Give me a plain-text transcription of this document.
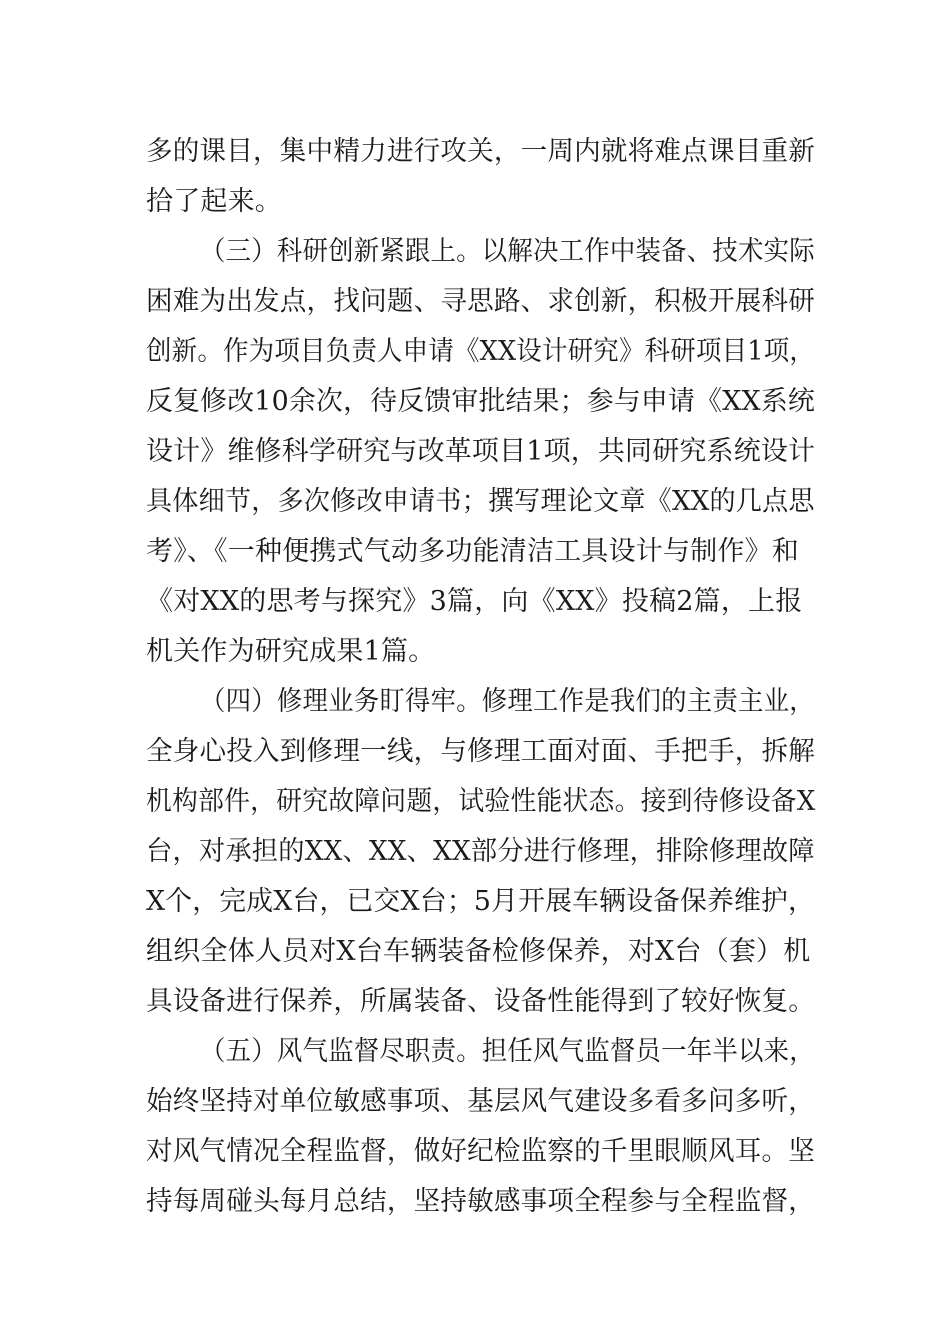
多的课目，集中精力进行攻关，一周内就将难点课目重新
拾了起来。
（三）科研创新紧跟上。以解决工作中装备、技术实际
困难为出发点，找问题、寻思路、求创新，积极开展科研
创新。作为项目负责人申请《XX设计研究》科研项目1项，
反复修改10余次，待反馈审批结果；参与申请《XX系统
设计》维修科学研究与改革项目1项，共同研究系统设计
具体细节，多次修改申请书；撰写理论文章《XX的几点思
考》、《一种便携式气动多功能清洁工具设计与制作》和
《对XX的思考与探究》3篇，向《XX》投稿2篇，上报
机关作为研究成果1篇。
（四）修理业务盯得牢。修理工作是我们的主责主业，
全身心投入到修理一线，与修理工面对面、手把手，拆解
机构部件，研究故障问题，试验性能状态。接到待修设备X
台，对承担的XX、XX、XX部分进行修理，排除修理故障
X个，完成X台，已交X台；5月开展车辆设备保养维护，
组织全体人员对X台车辆装备检修保养，对X台（套）机
具设备进行保养，所属装备、设备性能得到了较好恢复。
（五）风气监督尽职责。担任风气监督员一年半以来，
始终坚持对单位敏感事项、基层风气建设多看多问多听，
对风气情况全程监督，做好纪检监察的千里眼顺风耳。坚
持每周碰头每月总结，坚持敏感事项全程参与全程监督，
